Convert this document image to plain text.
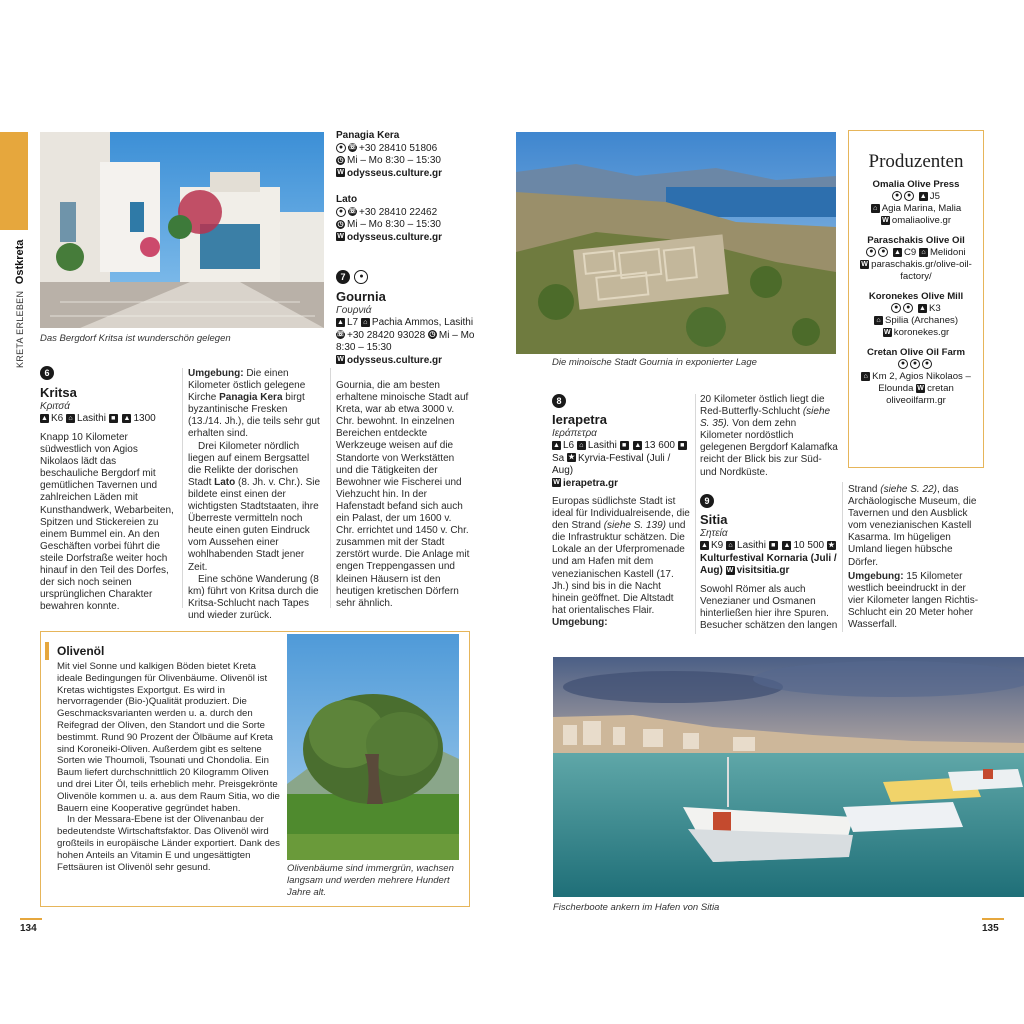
KRETA ERLEBEN Ostkreta
Das Bergdorf Kritsa ist wunderschön gelegen
Panagia Kera
● ☏ +30 28410 51806
◷ Mi – Mo 8:30 – 15:30
W odysseus.culture.gr
Lato
● ☏ +30 28410 22462
◷ Mi – Mo 8:30 – 15:30
W odysseus.culture.gr
7 ●
Gournia
Γουρνιά
▲ L7 ⌂ Pachia Ammos, Lasithi ☏ +30 28420 93028 ◷ Mi – Mo 8:30 – 15:30
W odysseus.culture.gr
Gournia, die am besten erhaltene minoische Stadt auf Kreta, war ab etwa 3000 v. Chr. bewohnt. In einzelnen Bereichen entdeckte Werkzeuge weisen auf die Standorte von Werkstätten und die Tätigkeiten der Bewohner wie Fischerei und Viehzucht hin. In der Hafenstadt befand sich auch ein Palast, der um 1600 v. Chr. errichtet und 1450 v. Chr. zusammen mit der Stadt zerstört wurde. Die Anlage mit engen Treppengassen und kleinen Häusern ist den heutigen kretischen Dörfern sehr ähnlich.
6
Kritsa
Κριτσά
▲ K6 ⌂ Lasithi ■ ▲ 1300
Knapp 10 Kilometer südwestlich von Agios Nikolaos lädt das beschauliche Bergdorf mit gemütlichen Tavernen und zahlreichen Läden mit Kunsthandwerk, Webarbeiten, Spitzen und Stickereien zu einem Bummel ein. An den Geschäften vorbei führt die steile Dorfstraße weiter hoch hinauf in den Teil des Dorfes, der sich noch seinen ursprünglichen Charakter bewahren konnte.

Umgebung: Die einen Kilometer östlich gelegene Kirche Panagia Kera birgt byzantinische Fresken (13./14. Jh.), die teils sehr gut erhalten sind.

Drei Kilometer nördlich liegen auf einem Bergsattel die Relikte der dorischen Stadt Lato (8. Jh. v. Chr.). Sie bildete einst einen der wichtigsten Stadtstaaten, ihre Überreste vermitteln noch heute einen guten Eindruck vom Aussehen einer wohlhabenden Stadt jener Zeit.

Eine schöne Wanderung (8 km) führt von Kritsa durch die Kritsa-Schlucht nach Tapes und wieder zurück.

Olivenöl

Mit viel Sonne und kalkigen Böden bietet Kreta ideale Bedingungen für Olivenbäume. Olivenöl ist Kretas wichtigstes Exportgut. Es wird in hervorragender (Bio-)Qualität produziert. Die Geschmacksvarianten werden u. a. durch den Reifegrad der Oliven, den Standort und die Sorte bestimmt. Rund 90 Prozent der Ölbäume auf Kreta sind Koroneiki-Oliven. Außerdem gibt es seltene Sorten wie Thoumoli, Tsounati und Chondolia. Ein Baum liefert durchschnittlich 20 Kilogramm Oliven und drei Liter Öl, teils erheblich mehr. Preisgekrönte Olivenöle kommen u. a. aus dem Raum Sitia, wo die Bauern eine Kooperative gegründet haben.

In der Messara-Ebene ist der Olivenanbau der bedeutendste Wirtschaftsfaktor. Das Olivenöl wird großteils in europäische Länder exportiert. Dank des hohen Anteils an Vitamin E und ungesättigten Fettsäuren ist Olivenöl sehr gesund.	Olivenbäume sind immergrün, wachsen langsam und werden mehrere Hundert Jahre alt.
134
Die minoische Stadt Gournia in exponierter Lage
Produzenten
Omalia Olive Press
● ● ▲ J5
⌂ Agia Marina, Malia
W omaliaolive.gr
Paraschakis Olive Oil
● ● ▲ C9 ⌂ Melidoni
W paraschakis.gr/olive-oil-factory/
Koronekes Olive Mill
● ● ▲ K3
⌂ Spilia (Archanes)
W koronekes.gr
Cretan Olive Oil Farm
● ● ●
⌂ Km 2, Agios Nikolaos – Elounda W cretan oliveoilfarm.gr
8
Ierapetra
Ιεράπετρα
▲ L6 ⌂ Lasithi ■ ▲ 13 600 ■Sa ★ Kyrvia-Festival (Juli / Aug)
W ierapetra.gr
Europas südlichste Stadt ist ideal für Individualreisende, die den Strand (siehe S. 139) und die Infrastruktur schätzen. Die Lokale an der Uferpromenade und am Hafen mit dem venezianischen Kastell (17. Jh.) sind bis in die Nacht hinein geöffnet. Die Altstadt hat orientalisches Flair. Umgebung:
20 Kilometer östlich liegt die Red-Butterfly-Schlucht (siehe S. 35). Von dem zehn Kilometer nordöstlich gelegenen Bergdorf Kalamafka reicht der Blick bis zur Süd- und Nordküste.
9
Sitia
Σητεία
▲ K9 ⌂ Lasithi ■ ▲ 10 500 ★Kulturfestival Kornaria (Juli / Aug) W visitsitia.gr
Sowohl Römer als auch Venezianer und Osmanen hinterließen hier ihre Spuren. Besucher schätzen den langen

Strand (siehe S. 22), das Archäologische Museum, die Tavernen und den Ausblick vom venezianischen Kastell Kasarma. Im hügeligen Umland liegen hübsche Dörfer.

Umgebung: 15 Kilometer westlich beeindruckt in der vier Kilometer langen Richtis-Schlucht ein 20 Meter hoher Wasserfall.

Fischerboote ankern im Hafen von Sitia
135
